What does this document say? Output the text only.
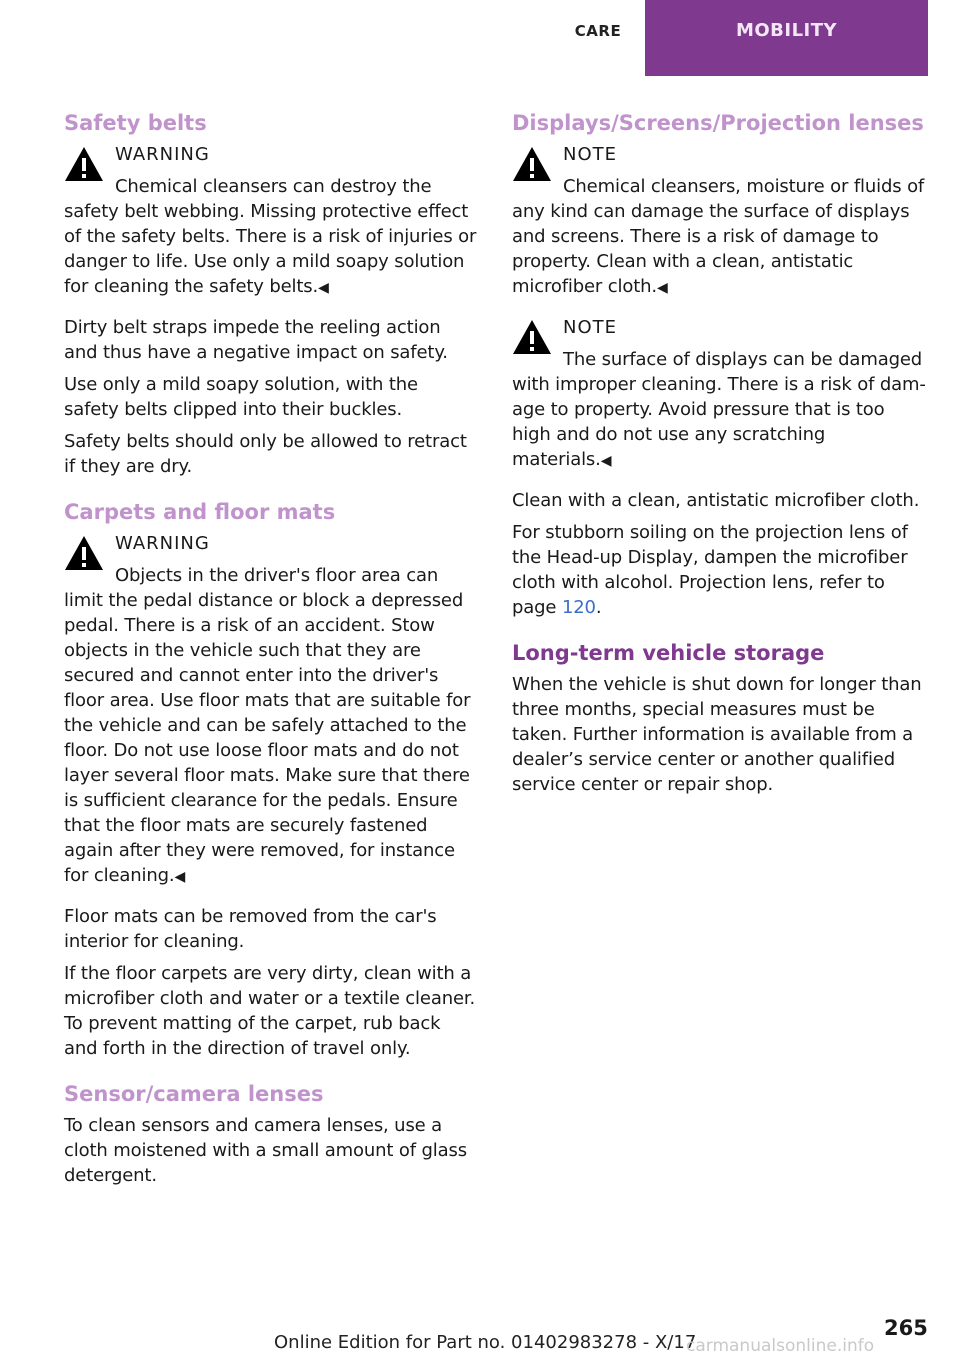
CARE	MOBILITY
Safety belts
WARNING

Chemical cleansers can destroy the safety belt webbing. Missing protective effect of the safety belts. There is a risk of injuries or danger to life. Use only a mild soapy solution for cleaning the safety belts.◀

Dirty belt straps impede the reeling action and thus have a negative impact on safety.

Use only a mild soapy solution, with the safety belts clipped into their buckles.

Safety belts should only be allowed to retract if they are dry.

Carpets and floor mats
WARNING

Objects in the driver's floor area can limit the pedal distance or block a depressed pedal. There is a risk of an accident. Stow objects in the vehicle such that they are secured and cannot enter into the driver's floor area. Use floor mats that are suitable for the vehicle and can be safely attached to the floor. Do not use loose floor mats and do not layer several floor mats. Make sure that there is sufficient clearance for the pedals. Ensure that the floor mats are securely fastened again after they were removed, for instance for cleaning.◀

Floor mats can be removed from the car's interior for cleaning.

If the floor carpets are very dirty, clean with a microfiber cloth and water or a textile cleaner. To prevent matting of the carpet, rub back and forth in the direction of travel only.

Sensor/camera lenses

To clean sensors and camera lenses, use a cloth moistened with a small amount of glass detergent.

Displays/Screens/Projection lenses
NOTE

Chemical cleansers, moisture or fluids of any kind can damage the surface of displays and screens. There is a risk of damage to property. Clean with a clean, antistatic microfiber cloth.◀

NOTE

The surface of displays can be damaged with improper cleaning. There is a risk of damage to property. Avoid pressure that is too high and do not use any scratching materials.◀

Clean with a clean, antistatic microfiber cloth.

For stubborn soiling on the projection lens of the Head-up Display, dampen the microfiber cloth with alcohol. Projection lens, refer to page 120.

Long-term vehicle storage

When the vehicle is shut down for longer than three months, special measures must be taken. Further information is available from a dealer’s service center or another qualified service center or repair shop.

Online Edition for Part no. 01402983278 - X/17
265
carmanualsonline.info
